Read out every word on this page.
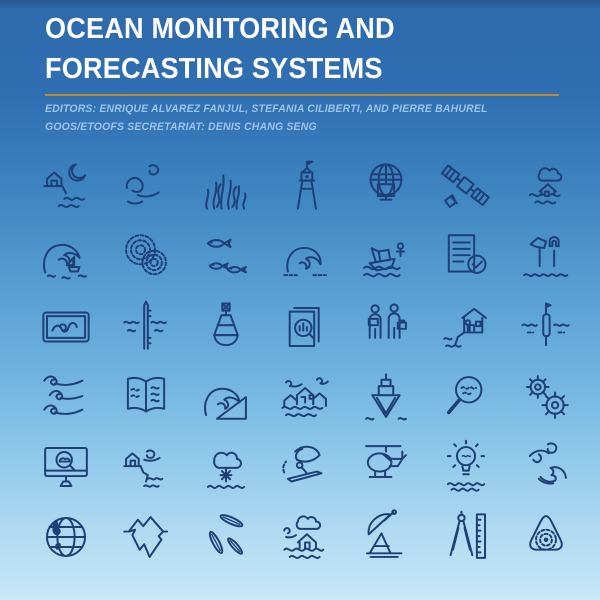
OCEAN MONITORING AND
FORECASTING SYSTEMS
EDITORS: ENRIQUE ALVAREZ FANJUL, STEFANIA CILIBERTI, AND PIERRE BAHUREL
GOOS/ETOOFS SECRETARIAT: DENIS CHANG SENG
